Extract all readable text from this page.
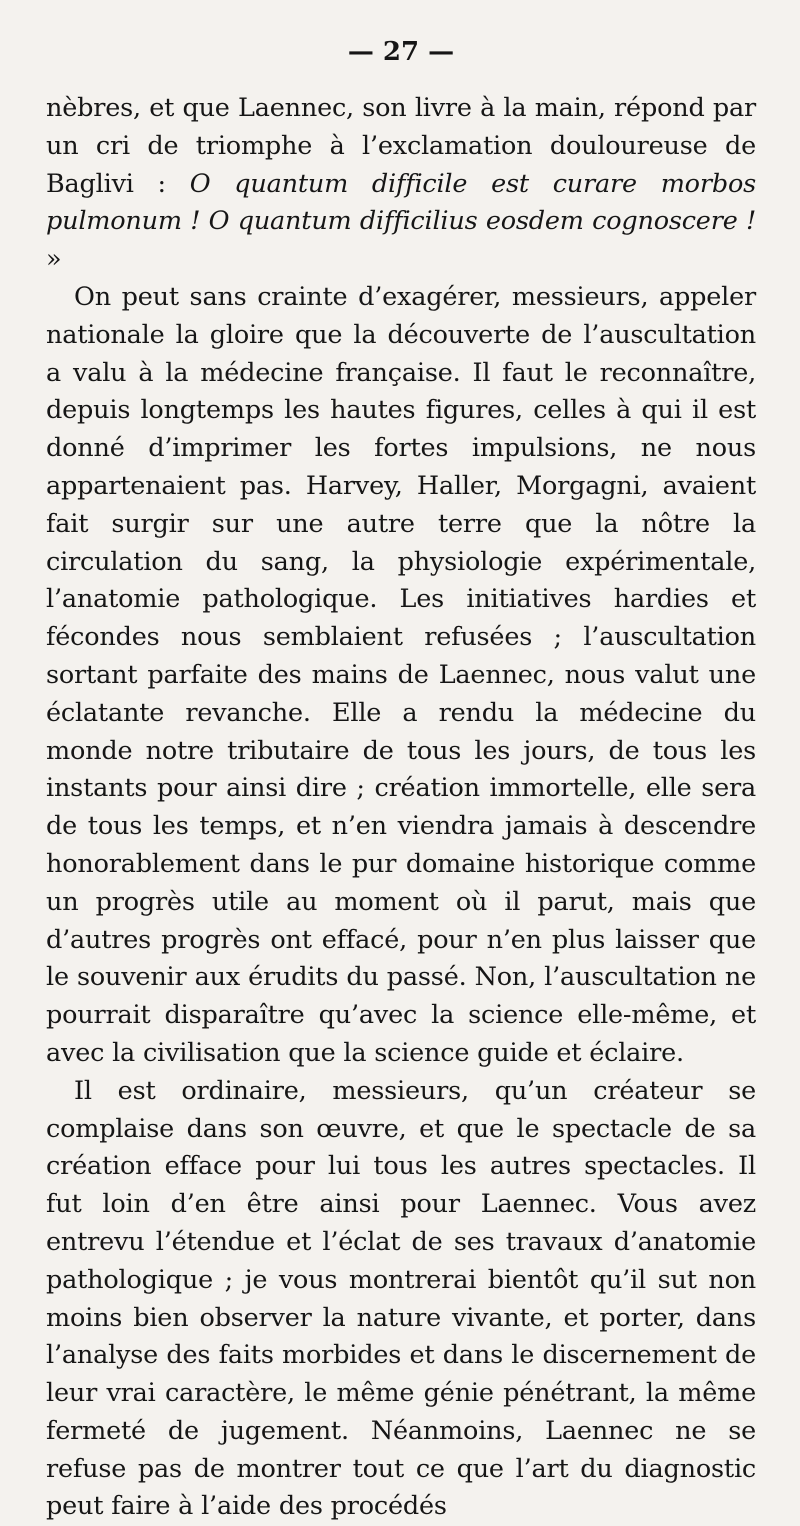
— 27 —

nèbres, et que Laennec, son livre à la main, répond par un cri de triomphe à l’exclamation douloureuse de Baglivi : O quantum difficile est curare morbos pulmonum ! O quantum difficilius eosdem cognoscere ! »

On peut sans crainte d’exagérer, messieurs, appeler nationale la gloire que la découverte de l’auscultation a valu à la médecine française. Il faut le reconnaître, depuis longtemps les hautes figures, celles à qui il est donné d’imprimer les fortes impulsions, ne nous appartenaient pas. Harvey, Haller, Morgagni, avaient fait surgir sur une autre terre que la nôtre la circulation du sang, la physiologie expérimentale, l’anatomie pathologique. Les initiatives hardies et fécondes nous semblaient refusées ; l’auscultation sortant parfaite des mains de Laennec, nous valut une éclatante revanche. Elle a rendu la médecine du monde notre tributaire de tous les jours, de tous les instants pour ainsi dire ; création immortelle, elle sera de tous les temps, et n’en viendra jamais à descendre honorablement dans le pur domaine historique comme un progrès utile au moment où il parut, mais que d’autres progrès ont effacé, pour n’en plus laisser que le souvenir aux érudits du passé. Non, l’auscultation ne pourrait disparaître qu’avec la science elle-même, et avec la civilisation que la science guide et éclaire.

Il est ordinaire, messieurs, qu’un créateur se complaise dans son œuvre, et que le spectacle de sa création efface pour lui tous les autres spectacles. Il fut loin d’en être ainsi pour Laennec. Vous avez entrevu l’étendue et l’éclat de ses travaux d’anatomie pathologique ; je vous montrerai bientôt qu’il sut non moins bien observer la nature vivante, et porter, dans l’analyse des faits morbides et dans le discernement de leur vrai caractère, le même génie pénétrant, la même fermeté de jugement. Néanmoins, Laennec ne se refuse pas de montrer tout ce que l’art du diagnostic peut faire à l’aide des procédés
